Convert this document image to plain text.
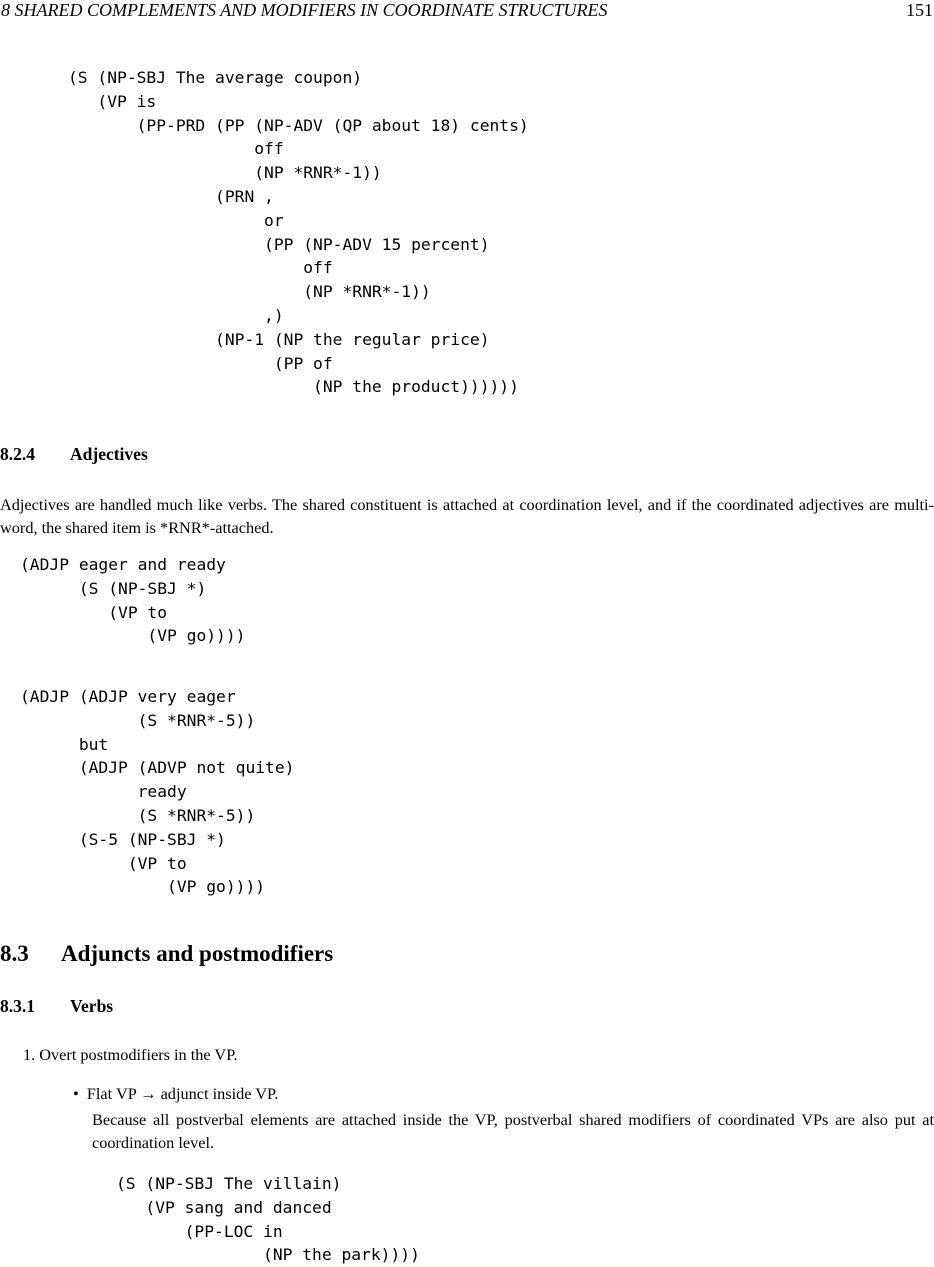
8 SHARED COMPLEMENTS AND MODIFIERS IN COORDINATE STRUCTURES	151
(S (NP-SBJ The average coupon)
(VP is
(PP-PRD (PP (NP-ADV (QP about 18) cents)
off
(NP *RNR*-1))
(PRN ,
or
(PP (NP-ADV 15 percent)
off
(NP *RNR*-1))
,)
(NP-1 (NP the regular price)
(PP of
(NP the product))))))
8.2.4 Adjectives
Adjectives are handled much like verbs. The shared constituent is attached at coordination level, and if the coordinated adjectives are multi-word, the shared item is *RNR*-attached.
(ADJP eager and ready
(S (NP-SBJ *)
(VP to
(VP go))))
(ADJP (ADJP very eager
(S *RNR*-5))
but
(ADJP (ADVP not quite)
ready
(S *RNR*-5))
(S-5 (NP-SBJ *)
(VP to
(VP go))))
8.3 Adjuncts and postmodifiers
8.3.1 Verbs
1. Overt postmodifiers in the VP.
• Flat VP → adjunct inside VP.
Because all postverbal elements are attached inside the VP, postverbal shared modifiers of coordinated VPs are also put at coordination level.
(S (NP-SBJ The villain)
(VP sang and danced
(PP-LOC in
(NP the park))))
